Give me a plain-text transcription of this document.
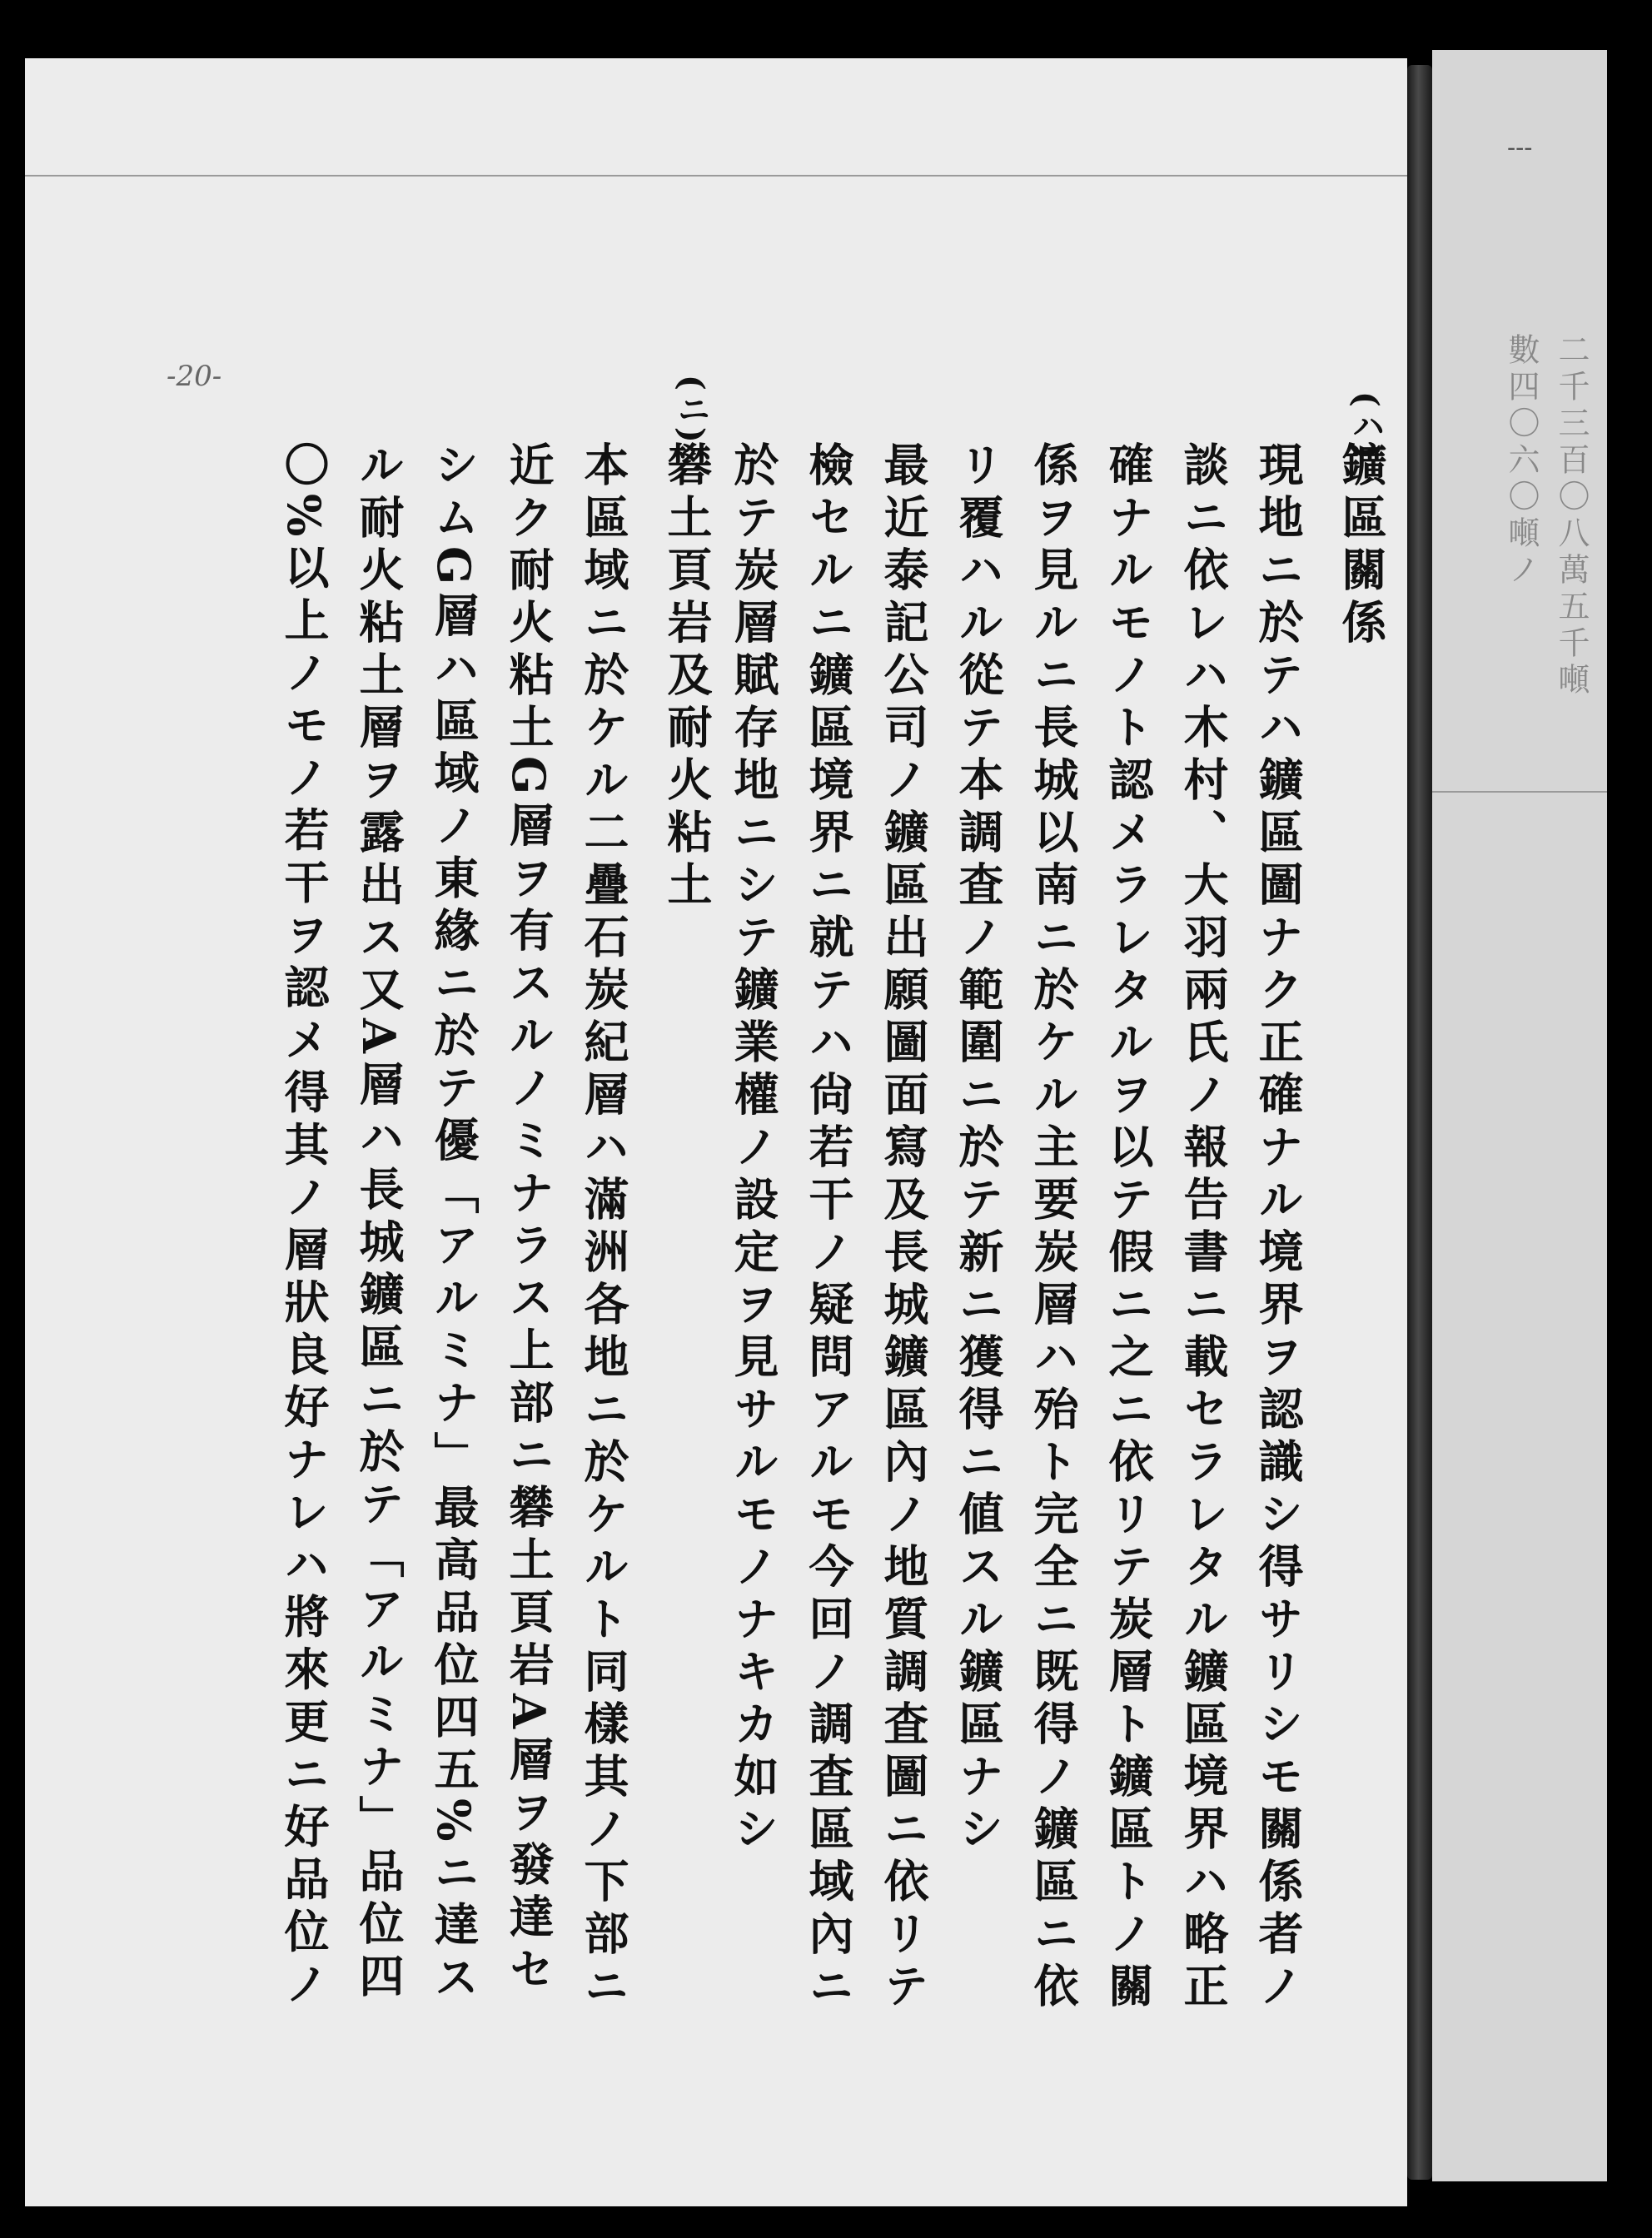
二千三百〇八萬五千噸
數四〇六〇噸ノ
---
-20-
(ハ)
鑛區關係
現地ニ於テハ鑛區圖ナク正確ナル境界ヲ認識シ得サリシモ關係者ノ
談ニ依レハ木村、大羽兩氏ノ報告書ニ載セラレタル鑛區境界ハ略正
確ナルモノト認メラレタルヲ以テ假ニ之ニ依リテ炭層ト鑛區トノ關
係ヲ見ルニ長城以南ニ於ケル主要炭層ハ殆ト完全ニ既得ノ鑛區ニ依
リ覆ハル從テ本調査ノ範圍ニ於テ新ニ獲得ニ値スル鑛區ナシ
最近泰記公司ノ鑛區出願圖面寫及長城鑛區內ノ地質調査圖ニ依リテ
檢セルニ鑛區境界ニ就テハ尙若干ノ疑問アルモ今回ノ調査區域內ニ
於テ炭層賦存地ニシテ鑛業權ノ設定ヲ見サルモノナキカ如シ
(ニ)
礬土頁岩及耐火粘土
本區域ニ於ケル二疊石炭紀層ハ滿洲各地ニ於ケルト同樣其ノ下部ニ
近ク耐火粘土G層ヲ有スルノミナラス上部ニ礬土頁岩A層ヲ發達セ
シムG層ハ區域ノ東緣ニ於テ優「アルミナ」最高品位四五%ニ達ス
ル耐火粘土層ヲ露出ス又A層ハ長城鑛區ニ於テ「アルミナ」品位四
〇%以上ノモノ若干ヲ認メ得其ノ層狀良好ナレハ將來更ニ好品位ノ
